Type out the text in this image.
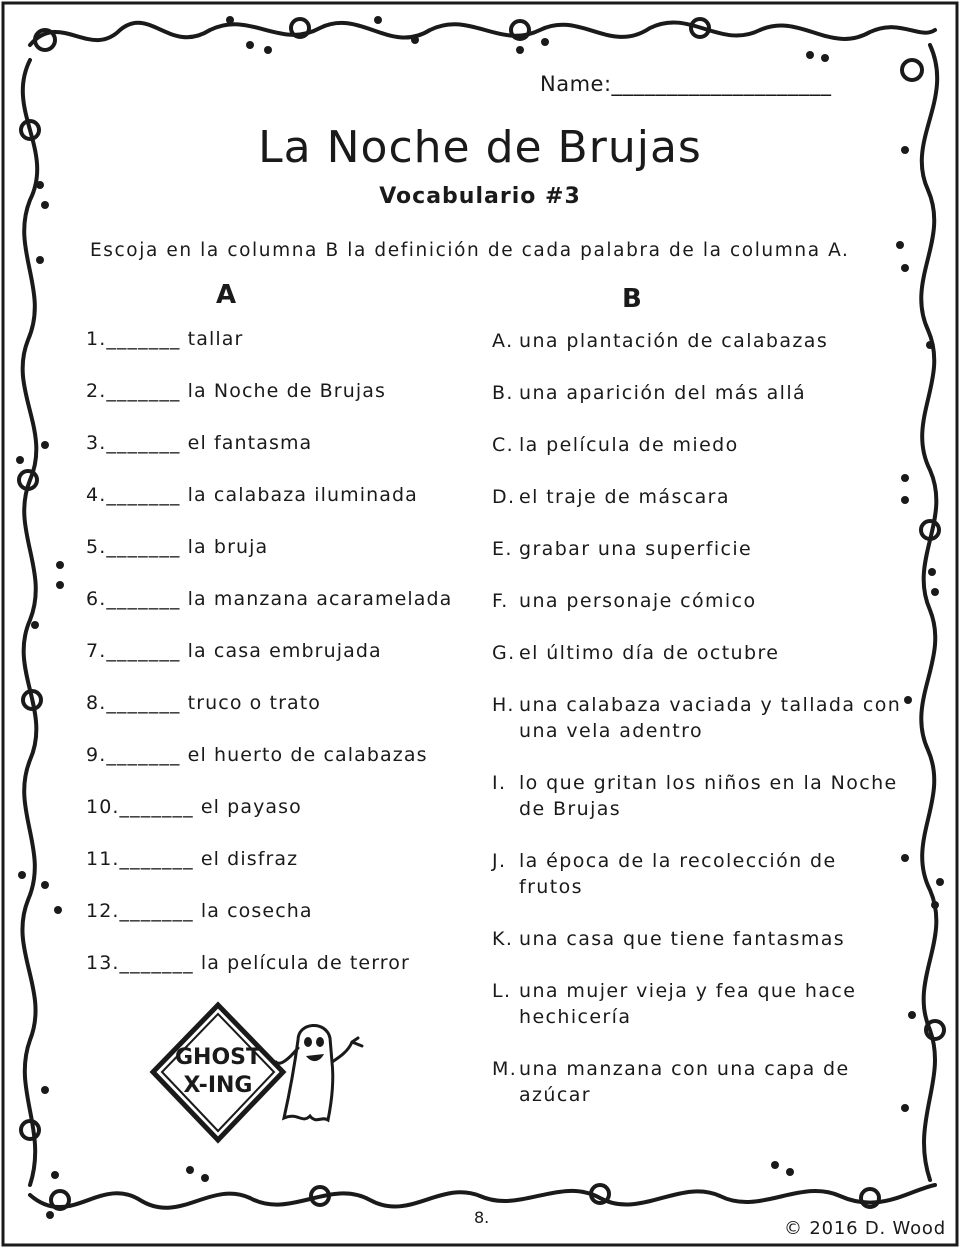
Name:____________________
La Noche de Brujas
Vocabulario #3
Escoja en la columna B la definición de cada palabra de la columna A.
A	B
1._______ tallar
2._______ la Noche de Brujas
3._______ el fantasma
4._______ la calabaza iluminada
5._______ la bruja
6._______ la manzana acaramelada
7._______ la casa embrujada
8._______ truco o trato
9._______ el huerto de calabazas
10._______ el payaso
11._______ el disfraz
12._______ la cosecha
13._______ la película de terror
A. una plantación de calabazas
B. una aparición del más allá
C. la película de miedo
D. el traje de máscara
E. grabar una superficie
F. una personaje cómico
G. el último día de octubre
H. una calabaza vaciada y tallada con una vela adentro
I. lo que gritan los niños en la Noche de Brujas
J. la época de la recolección de frutos
K. una casa que tiene fantasmas
L. una mujer vieja y fea que hace hechicería
M. una manzana con una capa de azúcar
GHOST
X-ING
8.
© 2016 D. Wood
